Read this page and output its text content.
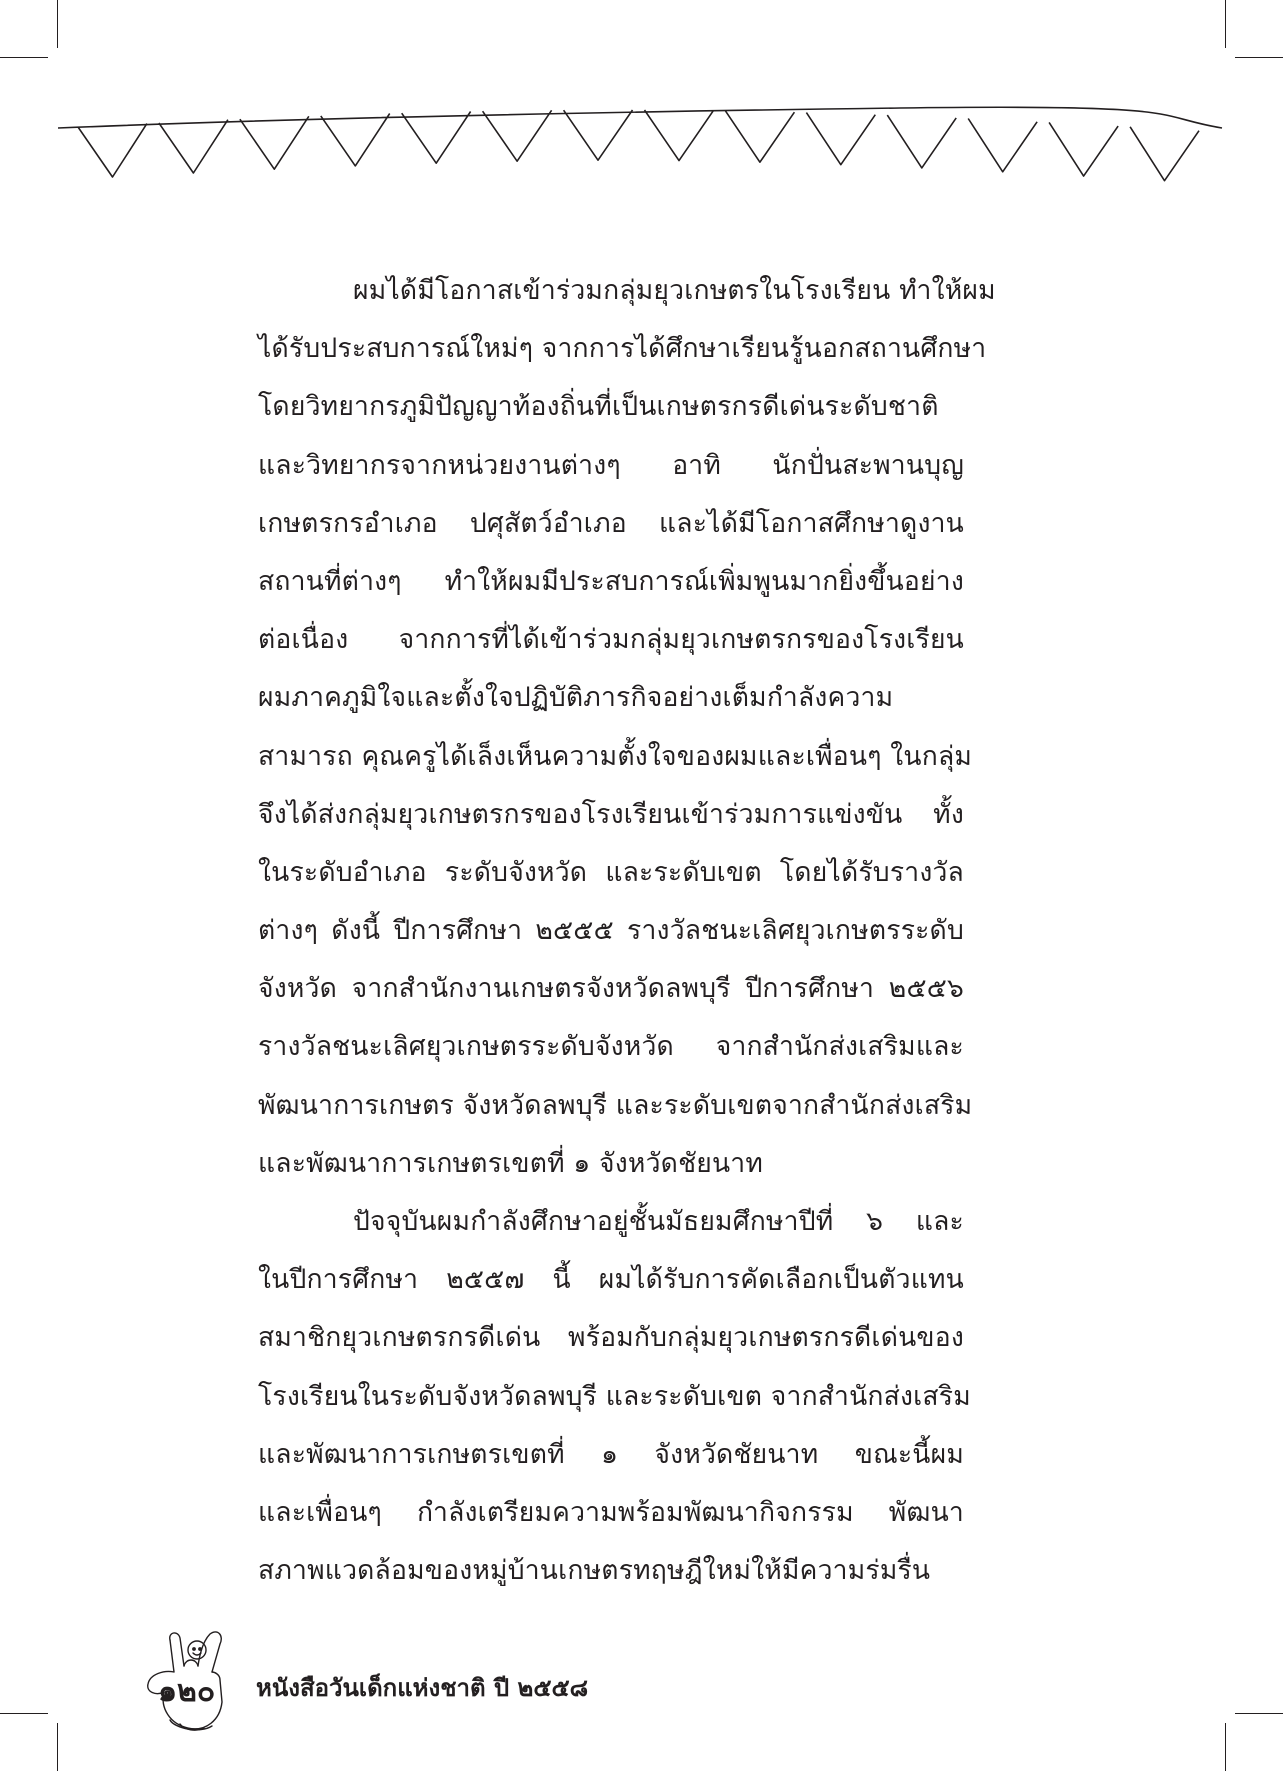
ผมได้มีโอกาสเข้าร่วมกลุ่มยุวเกษตรในโรงเรียน ทำให้ผม
ได้รับประสบการณ์ใหม่ๆ จากการได้ศึกษาเรียนรู้นอกสถานศึกษา
โดยวิทยากรภูมิปัญญาท้องถิ่นที่เป็นเกษตรกรดีเด่นระดับชาติ
และวิทยากรจากหน่วยงานต่างๆ อาทิ นักปั่นสะพานบุญ
เกษตรกรอำเภอ ปศุสัตว์อำเภอ และได้มีโอกาสศึกษาดูงาน
สถานที่ต่างๆ ทำให้ผมมีประสบการณ์เพิ่มพูนมากยิ่งขึ้นอย่าง
ต่อเนื่อง จากการที่ได้เข้าร่วมกลุ่มยุวเกษตรกรของโรงเรียน
ผมภาคภูมิใจและตั้งใจปฏิบัติภารกิจอย่างเต็มกำลังความ
สามารถ คุณครูได้เล็งเห็นความตั้งใจของผมและเพื่อนๆ ในกลุ่ม
จึงได้ส่งกลุ่มยุวเกษตรกรของโรงเรียนเข้าร่วมการแข่งขัน ทั้ง
ในระดับอำเภอ ระดับจังหวัด และระดับเขต โดยได้รับรางวัล
ต่างๆ ดังนี้ ปีการศึกษา ๒๕๕๕ รางวัลชนะเลิศยุวเกษตรระดับ
จังหวัด จากสำนักงานเกษตรจังหวัดลพบุรี ปีการศึกษา ๒๕๕๖
รางวัลชนะเลิศยุวเกษตรระดับจังหวัด จากสำนักส่งเสริมและ
พัฒนาการเกษตร จังหวัดลพบุรี และระดับเขตจากสำนักส่งเสริม
และพัฒนาการเกษตรเขตที่ ๑ จังหวัดชัยนาท
ปัจจุบันผมกำลังศึกษาอยู่ชั้นมัธยมศึกษาปีที่ ๖ และ
ในปีการศึกษา ๒๕๕๗ นี้ ผมได้รับการคัดเลือกเป็นตัวแทน
สมาชิกยุวเกษตรกรดีเด่น พร้อมกับกลุ่มยุวเกษตรกรดีเด่นของ
โรงเรียนในระดับจังหวัดลพบุรี และระดับเขต จากสำนักส่งเสริม
และพัฒนาการเกษตรเขตที่ ๑ จังหวัดชัยนาท ขณะนี้ผม
และเพื่อนๆ กำลังเตรียมความพร้อมพัฒนากิจกรรม พัฒนา
สภาพแวดล้อมของหมู่บ้านเกษตรทฤษฎีใหม่ให้มีความร่มรื่น
๑๒๐ หนังสือวันเด็กแห่งชาติ ปี ๒๕๕๘
